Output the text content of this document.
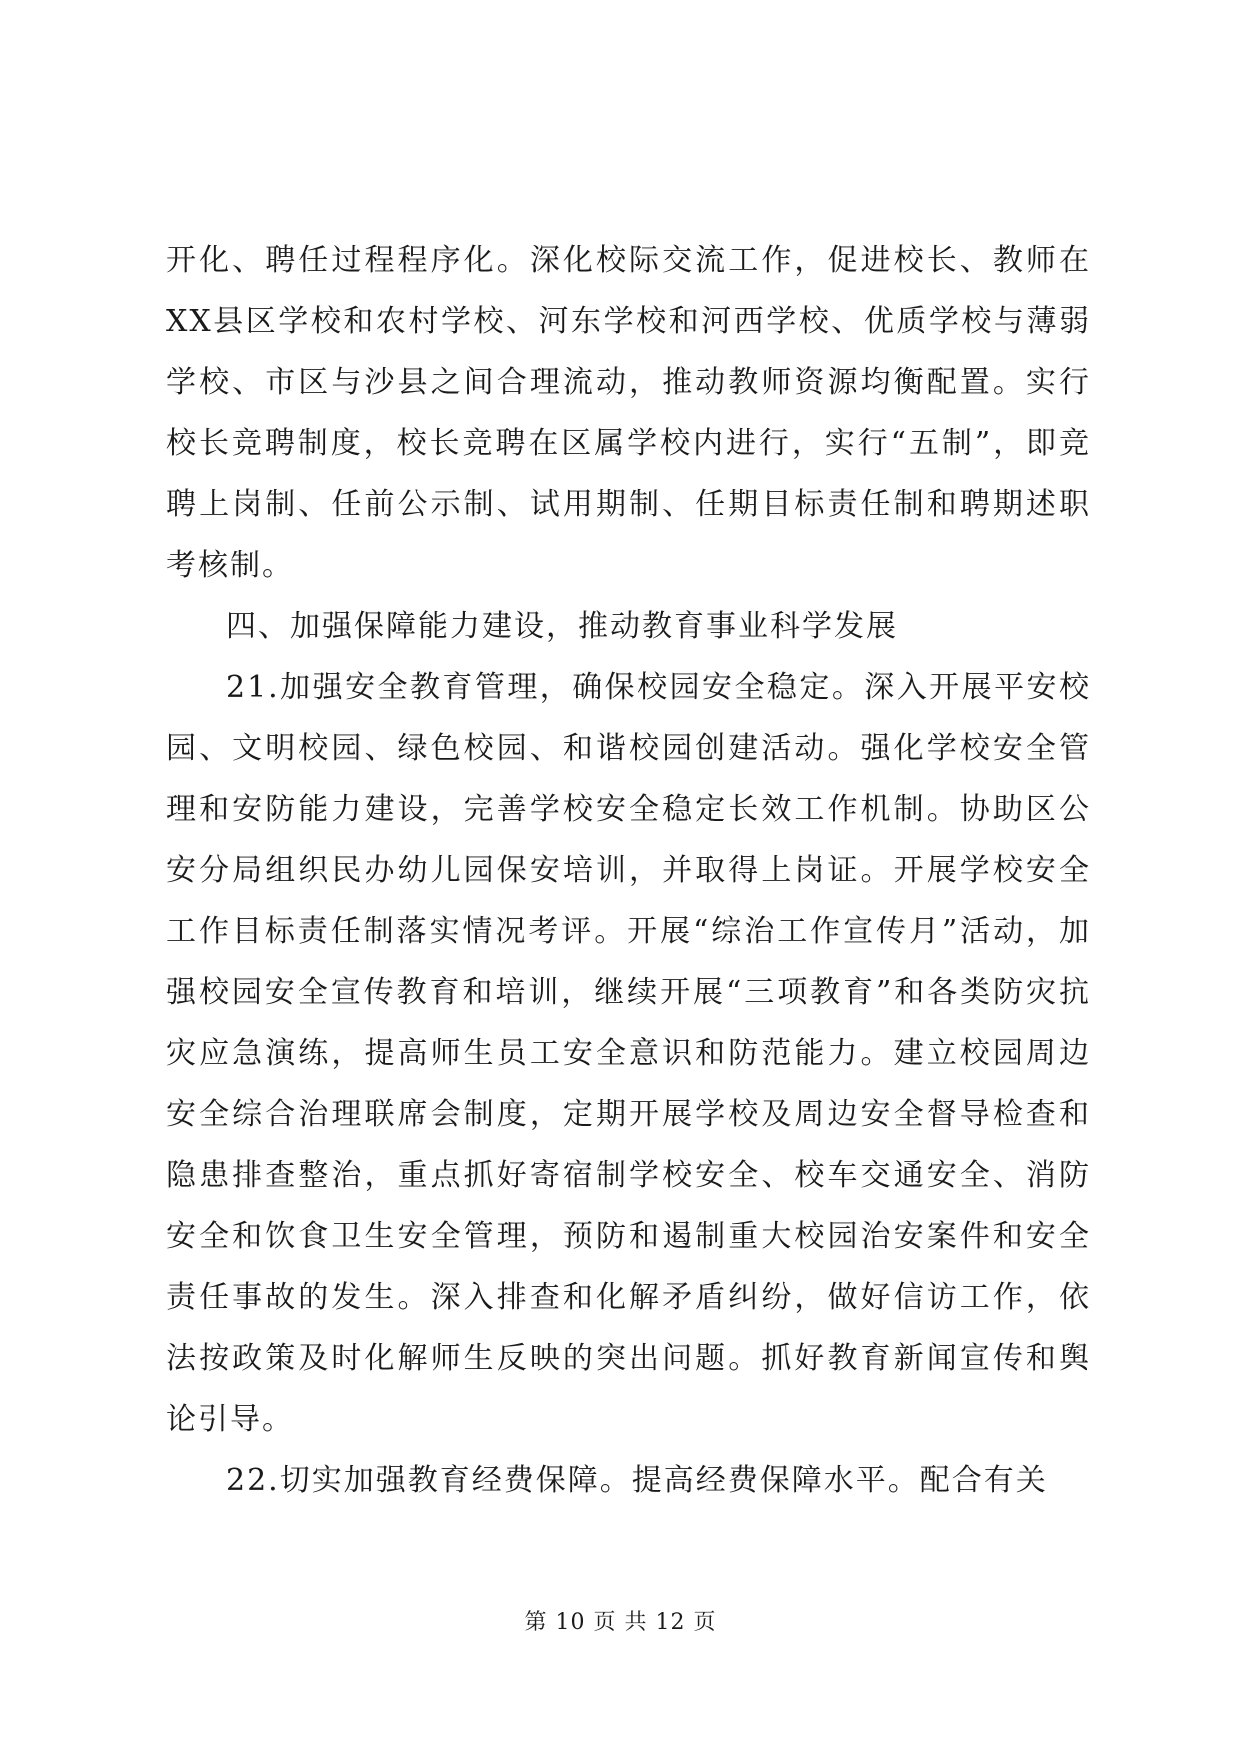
开化、聘任过程程序化。深化校际交流工作，促进校长、教师在XX县区学校和农村学校、河东学校和河西学校、优质学校与薄弱学校、市区与沙县之间合理流动，推动教师资源均衡配置。实行校长竞聘制度，校长竞聘在区属学校内进行，实行“五制”，即竞聘上岗制、任前公示制、试用期制、任期目标责任制和聘期述职考核制。

四、加强保障能力建设，推动教育事业科学发展

21.加强安全教育管理，确保校园安全稳定。深入开展平安校园、文明校园、绿色校园、和谐校园创建活动。强化学校安全管理和安防能力建设，完善学校安全稳定长效工作机制。协助区公安分局组织民办幼儿园保安培训，并取得上岗证。开展学校安全工作目标责任制落实情况考评。开展“综治工作宣传月”活动，加强校园安全宣传教育和培训，继续开展“三项教育”和各类防灾抗灾应急演练，提高师生员工安全意识和防范能力。建立校园周边安全综合治理联席会制度，定期开展学校及周边安全督导检查和隐患排查整治，重点抓好寄宿制学校安全、校车交通安全、消防安全和饮食卫生安全管理，预防和遏制重大校园治安案件和安全责任事故的发生。深入排查和化解矛盾纠纷，做好信访工作，依法按政策及时化解师生反映的突出问题。抓好教育新闻宣传和舆论引导。

22.切实加强教育经费保障。提高经费保障水平。配合有关

第 10 页 共 12 页
